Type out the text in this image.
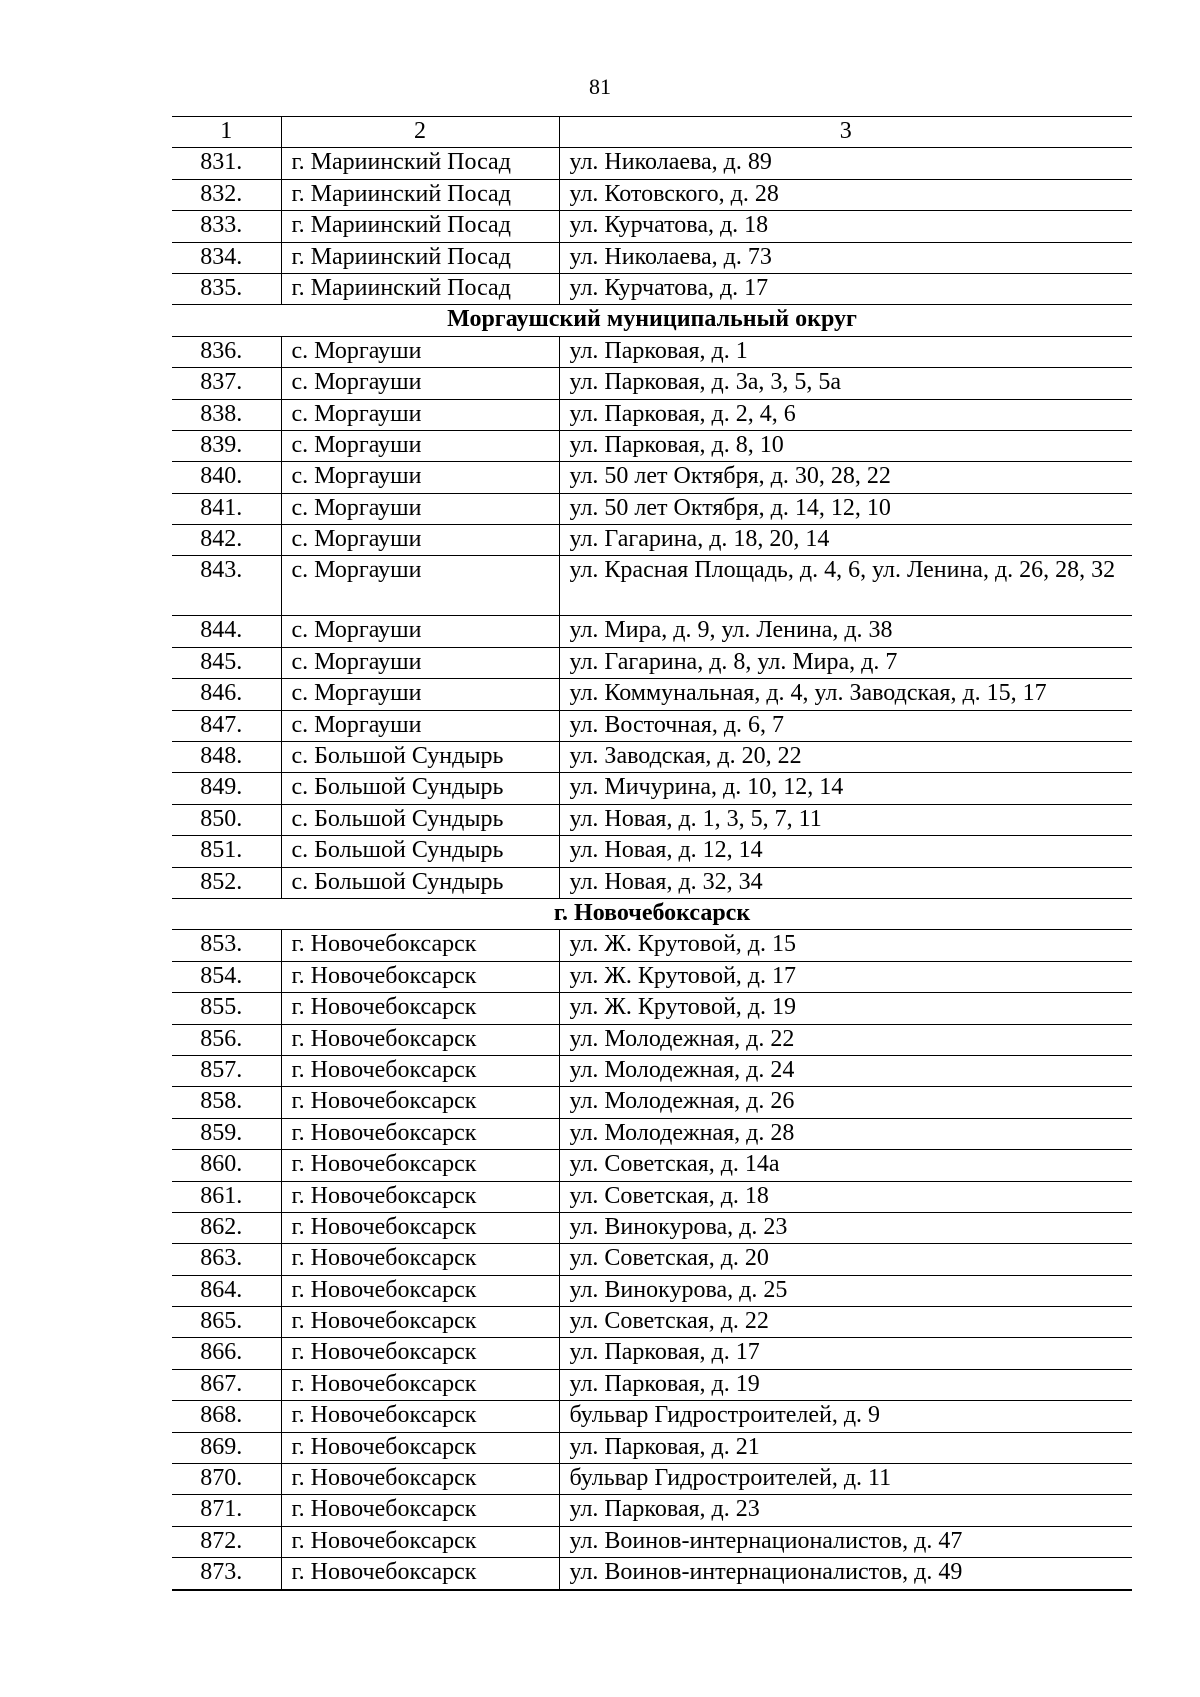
81
1	2	3
831.	г. Мариинский Посад	ул. Николаева, д. 89
832.	г. Мариинский Посад	ул. Котовского, д. 28
833.	г. Мариинский Посад	ул. Курчатова, д. 18
834.	г. Мариинский Посад	ул. Николаева, д. 73
835.	г. Мариинский Посад	ул. Курчатова, д. 17
Моргаушский муниципальный округ		
836.	с. Моргауши	ул. Парковая, д. 1
837.	с. Моргауши	ул. Парковая, д. 3а, 3, 5, 5а
838.	с. Моргауши	ул. Парковая, д. 2, 4, 6
839.	с. Моргауши	ул. Парковая, д. 8, 10
840.	с. Моргауши	ул. 50 лет Октября, д. 30, 28, 22
841.	с. Моргауши	ул. 50 лет Октября, д. 14, 12, 10
842.	с. Моргауши	ул. Гагарина, д. 18, 20, 14
843.	с. Моргауши	ул. Красная Площадь, д. 4, 6, ул. Ленина, д. 26, 28, 32
844.	с. Моргауши	ул. Мира, д. 9, ул. Ленина, д. 38
845.	с. Моргауши	ул. Гагарина, д. 8, ул. Мира, д. 7
846.	с. Моргауши	ул. Коммунальная, д. 4, ул. Заводская, д. 15, 17
847.	с. Моргауши	ул. Восточная, д. 6, 7
848.	с. Большой Сундырь	ул. Заводская, д. 20, 22
849.	с. Большой Сундырь	ул. Мичурина, д. 10, 12, 14
850.	с. Большой Сундырь	ул. Новая, д. 1, 3, 5, 7, 11
851.	с. Большой Сундырь	ул. Новая, д. 12, 14
852.	с. Большой Сундырь	ул. Новая, д. 32, 34
г. Новочебоксарск		
853.	г. Новочебоксарск	ул. Ж. Крутовой, д. 15
854.	г. Новочебоксарск	ул. Ж. Крутовой, д. 17
855.	г. Новочебоксарск	ул. Ж. Крутовой, д. 19
856.	г. Новочебоксарск	ул. Молодежная, д. 22
857.	г. Новочебоксарск	ул. Молодежная, д. 24
858.	г. Новочебоксарск	ул. Молодежная, д. 26
859.	г. Новочебоксарск	ул. Молодежная, д. 28
860.	г. Новочебоксарск	ул. Советская, д. 14а
861.	г. Новочебоксарск	ул. Советская, д. 18
862.	г. Новочебоксарск	ул. Винокурова, д. 23
863.	г. Новочебоксарск	ул. Советская, д. 20
864.	г. Новочебоксарск	ул. Винокурова, д. 25
865.	г. Новочебоксарск	ул. Советская, д. 22
866.	г. Новочебоксарск	ул. Парковая, д. 17
867.	г. Новочебоксарск	ул. Парковая, д. 19
868.	г. Новочебоксарск	бульвар Гидростроителей, д. 9
869.	г. Новочебоксарск	ул. Парковая, д. 21
870.	г. Новочебоксарск	бульвар Гидростроителей, д. 11
871.	г. Новочебоксарск	ул. Парковая, д. 23
872.	г. Новочебоксарск	ул. Воинов-интернационалистов, д. 47
873.	г. Новочебоксарск	ул. Воинов-интернационалистов, д. 49
